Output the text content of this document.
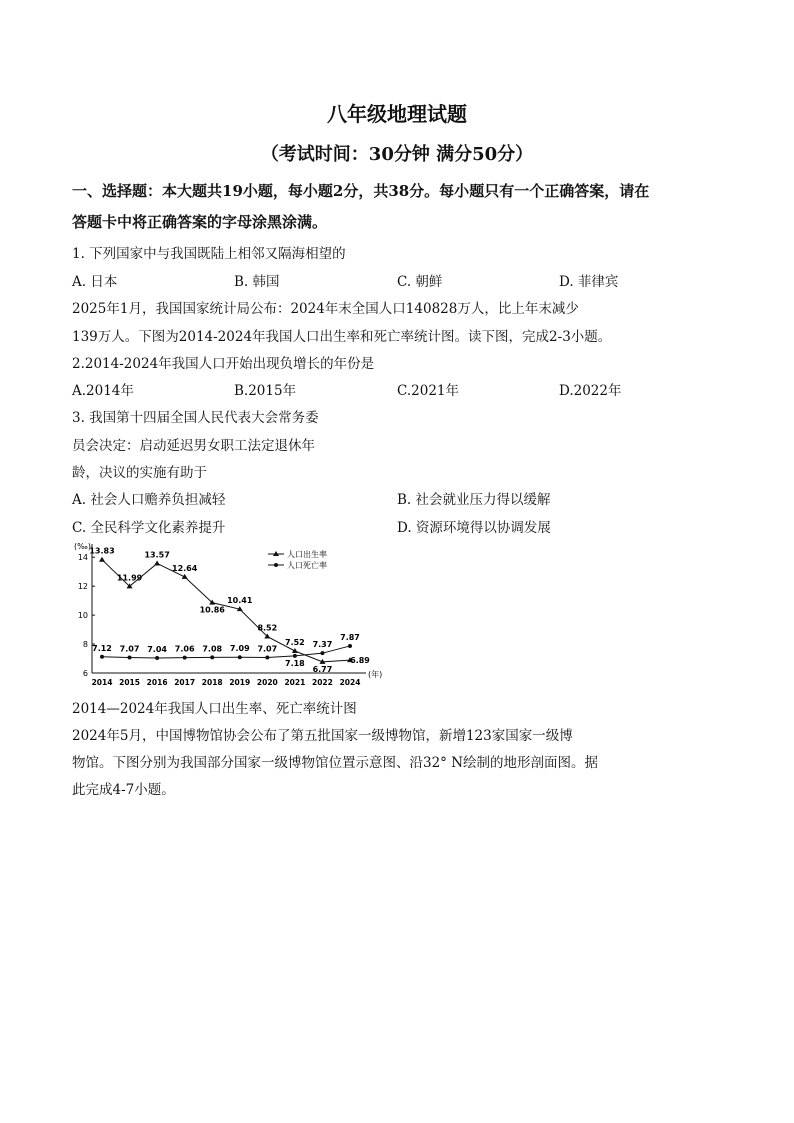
八年级地理试题
（考试时间：30分钟 满分50分）
一、选择题：本大题共19小题，每小题2分，共38分。每小题只有一个正确答案，请在
答题卡中将正确答案的字母涂黑涂满。
1. 下列国家中与我国既陆上相邻又隔海相望的
A. 日本	B. 韩国	C. 朝鲜	D. 菲律宾
2025年1月，我国国家统计局公布：2024年末全国人口140828万人，比上年末减少
139万人。下图为2014-2024年我国人口出生率和死亡率统计图。读下图，完成2-3小题。
2.2014-2024年我国人口开始出现负增长的年份是
A.2014年	B.2015年	C.2021年	D.2022年
3. 我国第十四届全国人民代表大会常务委
员会决定：启动延迟男女职工法定退休年
龄，决议的实施有助于
A. 社会人口赡养负担减轻	B. 社会就业压力得以缓解
C. 全民科学文化素养提升	D. 资源环境得以协调发展
(‰)
(年)
6
8
10
12
14
2014 2015 2016 2017 2018 2019 2020 2021 2022 2024
13.83
11.99
13.57
12.64
10.86
10.41
8.52
7.52
6.77
6.89
7.12 7.07 7.04 7.06 7.08 7.09 7.07
7.18
7.37
7.87
人口出生率
人口死亡率
2014—2024年我国人口出生率、死亡率统计图
2024年5月，中国博物馆协会公布了第五批国家一级博物馆，新增123家国家一级博
物馆。下图分别为我国部分国家一级博物馆位置示意图、沿32° N绘制的地形剖面图。据
此完成4-7小题。
